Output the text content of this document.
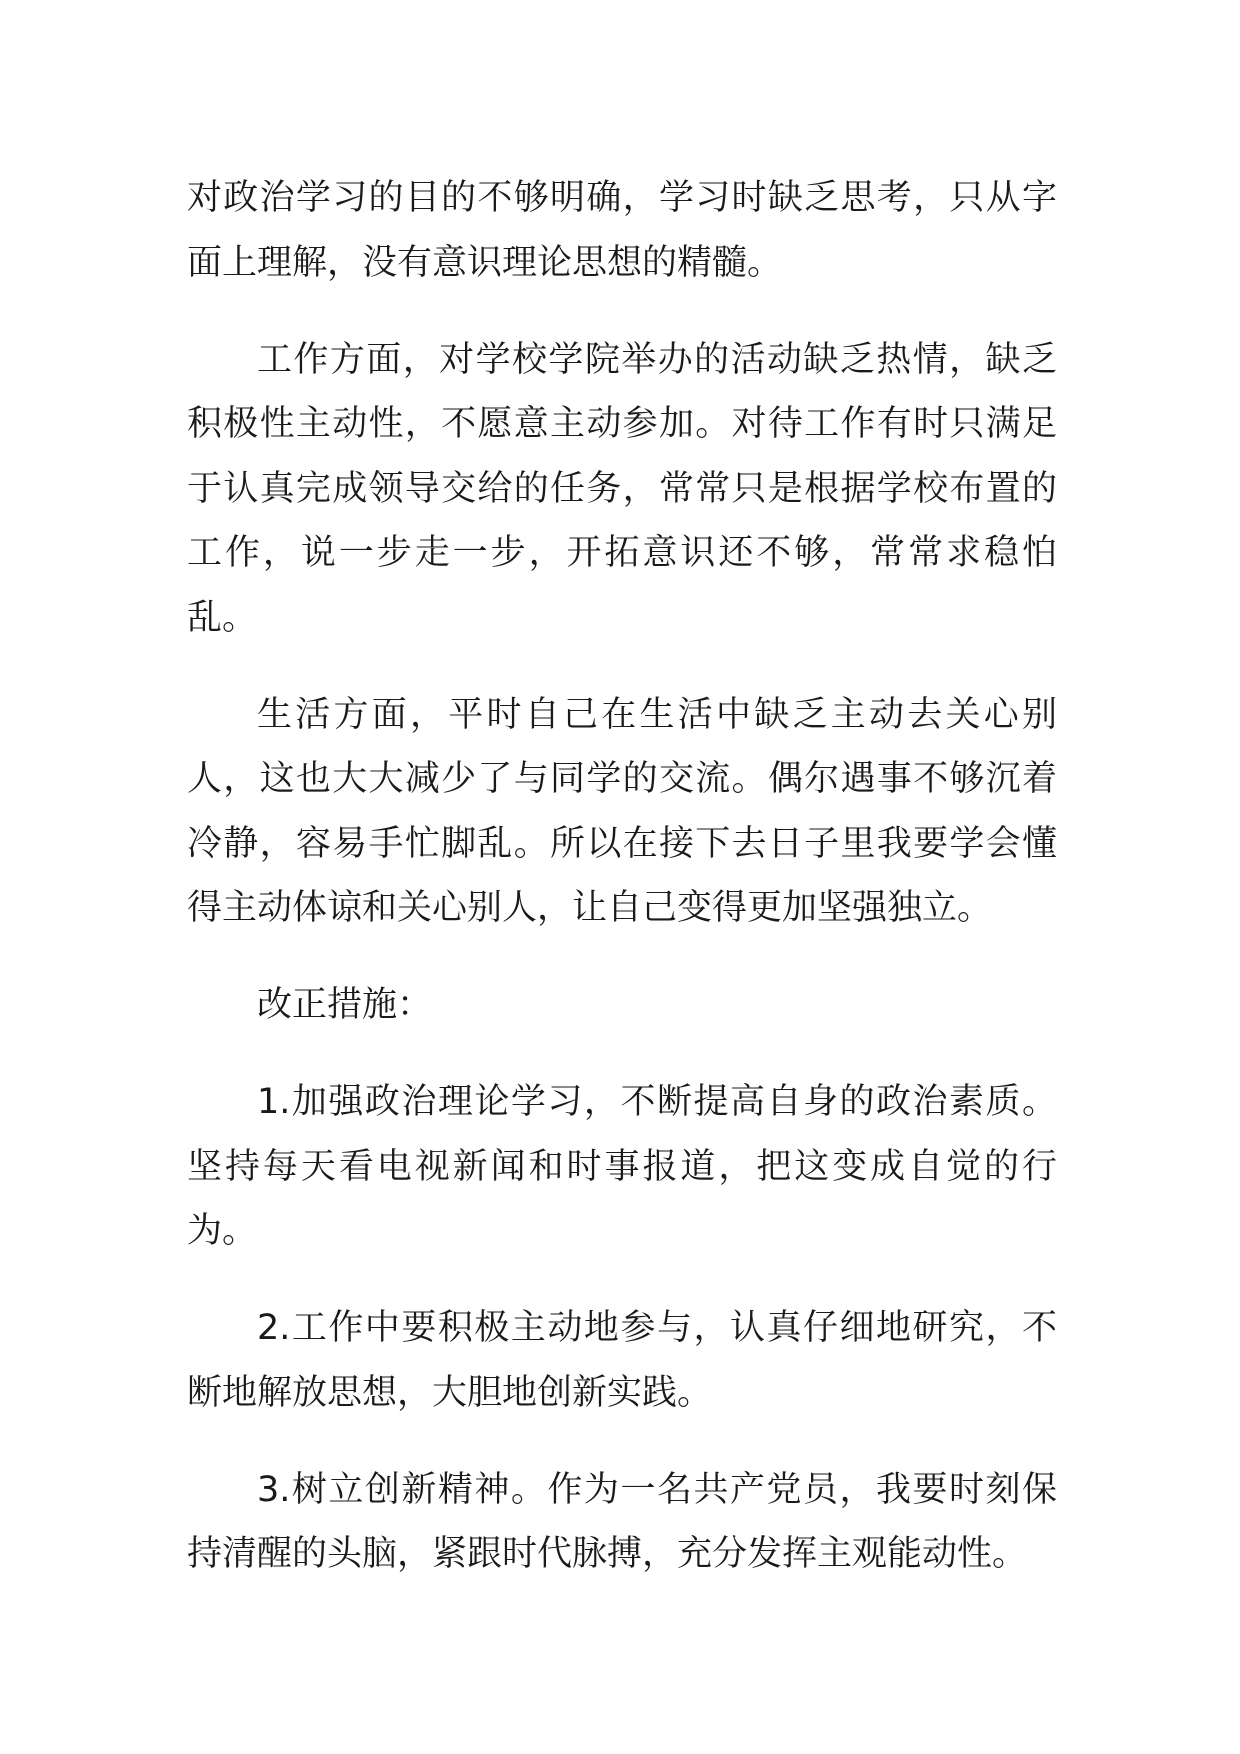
对政治学习的目的不够明确，学习时缺乏思考，只从字面上理解，没有意识理论思想的精髓。

工作方面，对学校学院举办的活动缺乏热情，缺乏积极性主动性，不愿意主动参加。对待工作有时只满足于认真完成领导交给的任务，常常只是根据学校布置的工作，说一步走一步，开拓意识还不够，常常求稳怕乱。

生活方面，平时自己在生活中缺乏主动去关心别人，这也大大减少了与同学的交流。偶尔遇事不够沉着冷静，容易手忙脚乱。所以在接下去日子里我要学会懂得主动体谅和关心别人，让自己变得更加坚强独立。

改正措施：

1.加强政治理论学习，不断提高自身的政治素质。坚持每天看电视新闻和时事报道，把这变成自觉的行为。

2.工作中要积极主动地参与，认真仔细地研究，不断地解放思想，大胆地创新实践。

3.树立创新精神。作为一名共产党员，我要时刻保持清醒的头脑，紧跟时代脉搏，充分发挥主观能动性。
